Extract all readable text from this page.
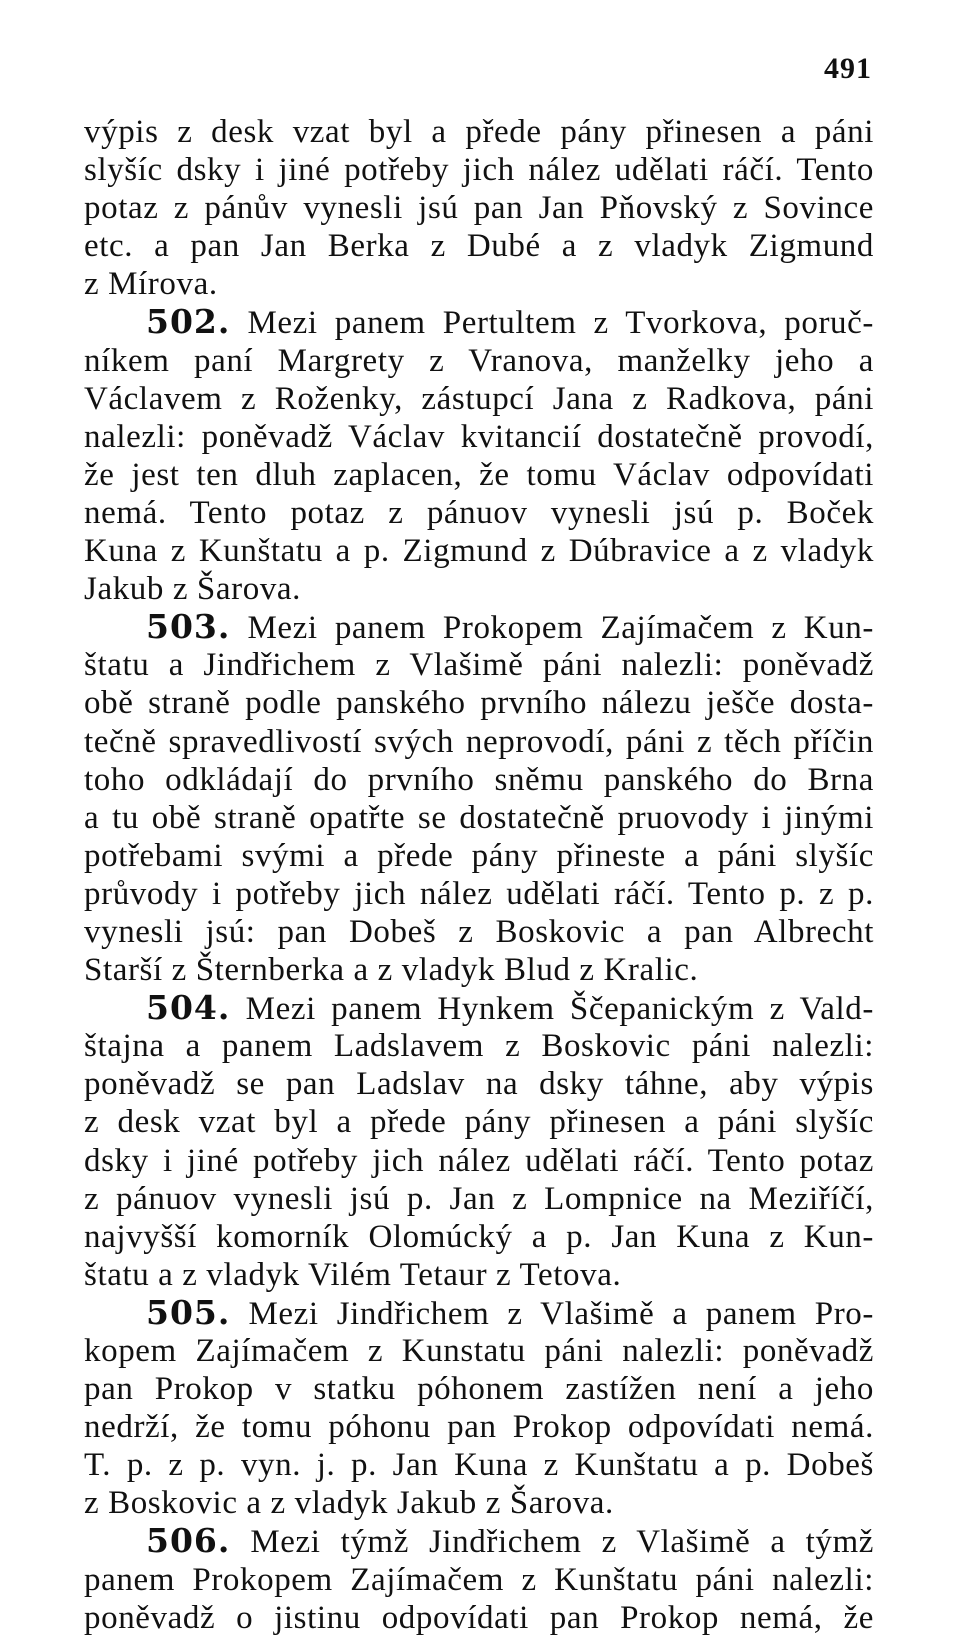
491
výpis z desk vzat byl a přede pány přinesen a páni
slyšíc dsky i jiné potřeby jich nález udělati ráčí. Tento
potaz z pánův vynesli jsú pan Jan Pňovský z Sovince
etc. a pan Jan Berka z Dubé a z vladyk Zigmund
z Mírova.
502. Mezi panem Pertultem z Tvorkova, poruč-
níkem paní Margrety z Vranova, manželky jeho a
Václavem z Roženky, zástupcí Jana z Radkova, páni
nalezli: poněvadž Václav kvitancií dostatečně provodí,
že jest ten dluh zaplacen, že tomu Václav odpovídati
nemá. Tento potaz z pánuov vynesli jsú p. Boček
Kuna z Kunštatu a p. Zigmund z Dúbravice a z vladyk
Jakub z Šarova.
503. Mezi panem Prokopem Zajímačem z Kun-
štatu a Jindřichem z Vlašimě páni nalezli: poněvadž
obě straně podle panského prvního nálezu ješče dosta-
tečně spravedlivostí svých neprovodí, páni z těch příčin
toho odkládají do prvního sněmu panského do Brna
a tu obě straně opatřte se dostatečně pruovody i jinými
potřebami svými a přede pány přineste a páni slyšíc
průvody i potřeby jich nález udělati ráčí. Tento p. z p.
vynesli jsú: pan Dobeš z Boskovic a pan Albrecht
Starší z Šternberka a z vladyk Blud z Kralic.
504. Mezi panem Hynkem Ščepanickým z Vald-
štajna a panem Ladslavem z Boskovic páni nalezli:
poněvadž se pan Ladslav na dsky táhne, aby výpis
z desk vzat byl a přede pány přinesen a páni slyšíc
dsky i jiné potřeby jich nález udělati ráčí. Tento potaz
z pánuov vynesli jsú p. Jan z Lompnice na Meziříčí,
najvyšší komorník Olomúcký a p. Jan Kuna z Kun-
štatu a z vladyk Vilém Tetaur z Tetova.
505. Mezi Jindřichem z Vlašimě a panem Pro-
kopem Zajímačem z Kunstatu páni nalezli: poněvadž
pan Prokop v statku póhonem zastížen není a jeho
nedrží, že tomu póhonu pan Prokop odpovídati nemá.
T. p. z p. vyn. j. p. Jan Kuna z Kunštatu a p. Dobeš
z Boskovic a z vladyk Jakub z Šarova.
506. Mezi týmž Jindřichem z Vlašimě a týmž
panem Prokopem Zajímačem z Kunštatu páni nalezli:
poněvadž o jistinu odpovídati pan Prokop nemá, že
